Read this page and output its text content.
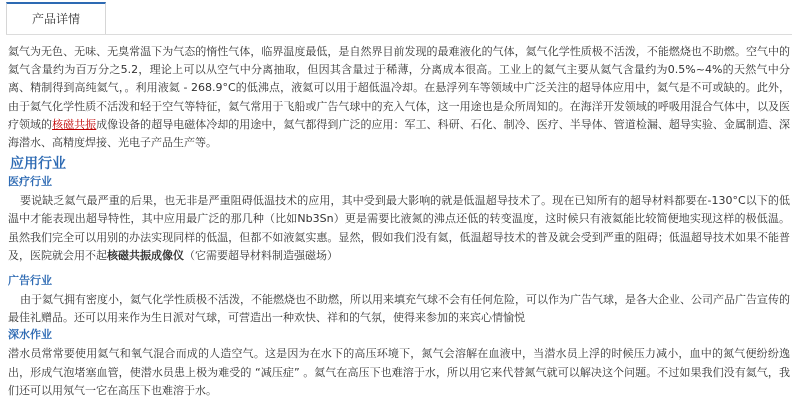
产品详情

氦气为无色、无味、无臭常温下为气态的惰性气体，临界温度最低，是自然界目前发现的最难液化的气体，氦气化学性质极不活泼，不能燃烧也不助燃。空气中的氦气含量约为百万分之5.2，理论上可以从空气中分离抽取，但因其含量过于稀薄，分离成本很高。工业上的氦气主要从氦气含量约为0.5%~4%的天然气中分离、精制得到高纯氦气，。利用液氦 - 268.9°C的低沸点，液氦可以用于超低温冷却。在悬浮列车等领域中广泛关注的超导体应用中，氦气是不可或缺的。此外，由于氦气化学性质不活泼和轻于空气等特征，氦气常用于飞船或广告气球中的充入气体，这一用途也是众所周知的。在海洋开发领域的呼吸用混合气体中，以及医疗领域的核磁共振成像设备的超导电磁体冷却的用途中，氦气都得到广泛的应用：军工、科研、石化、制冷、医疗、半导体、管道检漏、超导实验、金属制造、深海潜水、高精度焊接、光电子产品生产等。

应用行业
医疗行业

要说缺乏氦气最严重的后果，也无非是严重阻碍低温技术的应用，其中受到最大影响的就是低温超导技术了。现在已知所有的超导材料都要在-130°C以下的低温中才能表现出超导特性，其中应用最广泛的那几种（比如Nb3Sn）更是需要比液氮的沸点还低的转变温度，这时候只有液氦能比较简便地实现这样的极低温。虽然我们完全可以用别的办法实现同样的低温，但都不如液氦实惠。显然，假如我们没有氦，低温超导技术的普及就会受到严重的阻碍；低温超导技术如果不能普及，医院就会用不起核磁共振成像仪（它需要超导材料制造强磁场）

广告行业

由于氦气拥有密度小，氦气化学性质极不活泼，不能燃烧也不助燃，所以用来填充气球不会有任何危险，可以作为广告气球，是各大企业、公司产品广告宣传的最佳礼赠品。还可以用来作为生日派对气球，可营造出一种欢快、祥和的气氛，使得来参加的来宾心情愉悦

深水作业

潜水员常常要使用氦气和氧气混合而成的人造空气。这是因为在水下的高压环境下，氮气会溶解在血液中，当潜水员上浮的时候压力减小，血中的氮气便纷纷逸出，形成气泡堵塞血管，使潜水员患上极为难受的 “减压症” 。氦气在高压下也难溶于水，所以用它来代替氮气就可以解决这个问题。不过如果我们没有氦气，我们还可以用氖气一它在高压下也难溶于水。
